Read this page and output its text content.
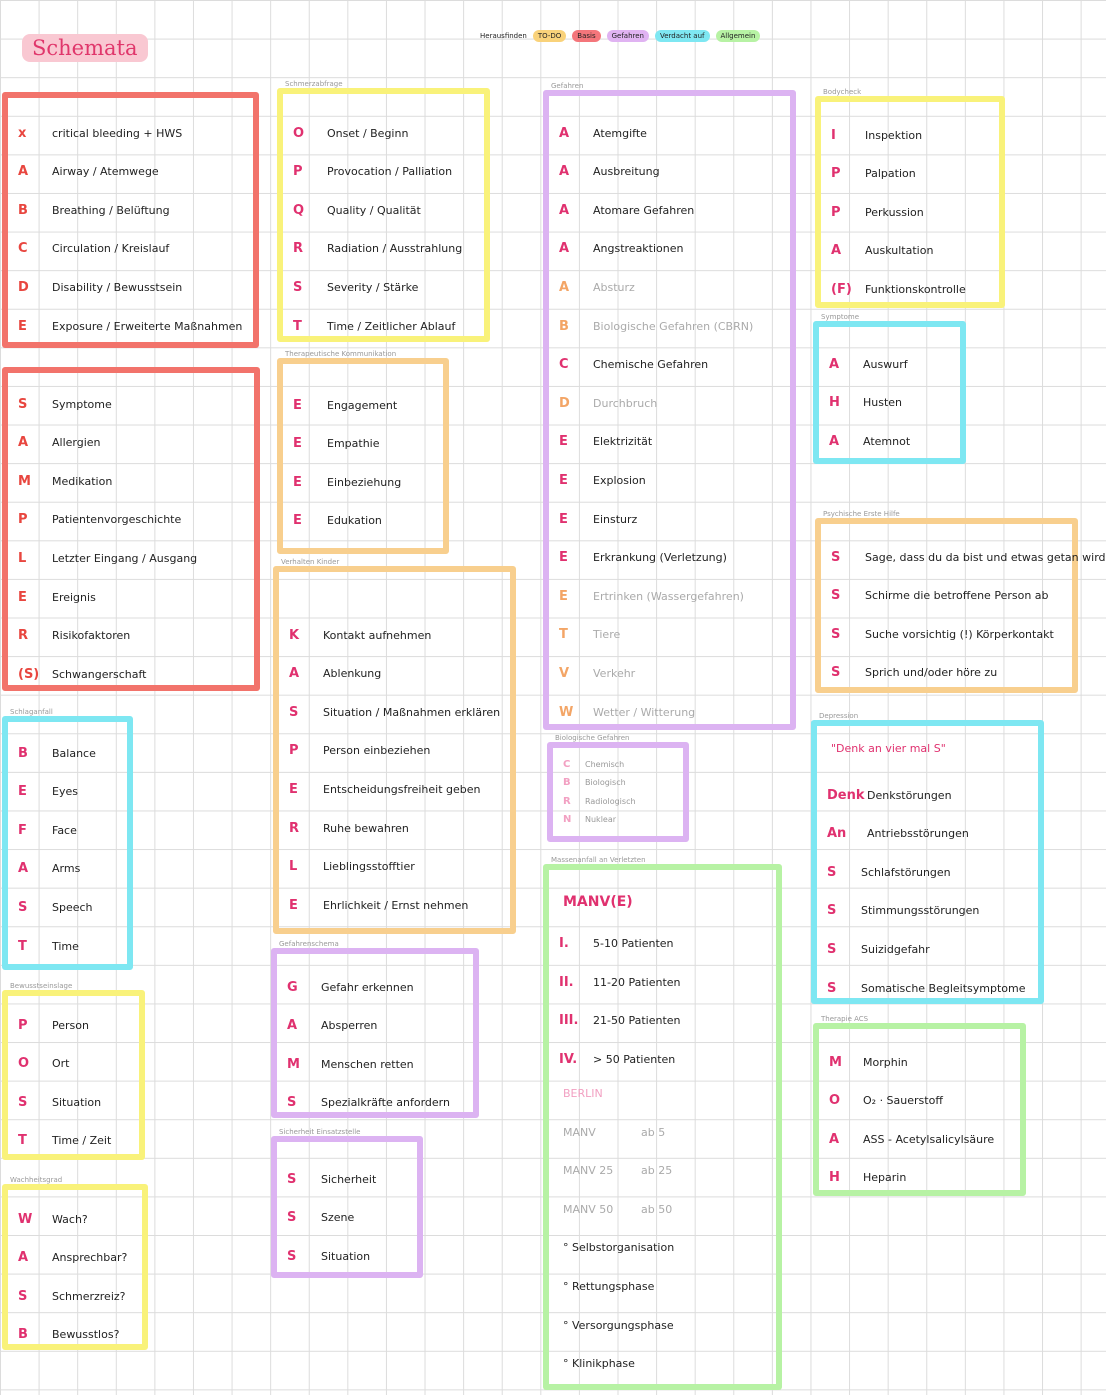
Schemata	Herausfinden	TO-DO	Basis	Gefahren	Verdacht auf	Allgemein
x	critical bleeding + HWS
A	Airway / Atemwege
B	Breathing / Belüftung
C	Circulation / Kreislauf
D	Disability / Bewusstsein
E	Exposure / Erweiterte Maßnahmen
S	Symptome
A	Allergien
M	Medikation
P	Patientenvorgeschichte
L	Letzter Eingang / Ausgang
E	Ereignis
R	Risikofaktoren
(S)	Schwangerschaft
Schlaganfall
B	Balance
E	Eyes
F	Face
A	Arms
S	Speech
T	Time
Bewusstseinslage
P	Person
O	Ort
S	Situation
T	Time / Zeit
Wachheitsgrad
W	Wach?
A	Ansprechbar?
S	Schmerzreiz?
B	Bewusstlos?
Schmerzabfrage
O	Onset / Beginn
P	Provocation / Palliation
Q	Quality / Qualität
R	Radiation / Ausstrahlung
S	Severity / Stärke
T	Time / Zeitlicher Ablauf
Therapeutische Kommunikation
E	Engagement
E	Empathie
E	Einbeziehung
E	Edukation
Verhalten Kinder
K	Kontakt aufnehmen
A	Ablenkung
S	Situation / Maßnahmen erklären
P	Person einbeziehen
E	Entscheidungsfreiheit geben
R	Ruhe bewahren
L	Lieblingsstofftier
E	Ehrlichkeit / Ernst nehmen
Gefahrenschema
G	Gefahr erkennen
A	Absperren
M	Menschen retten
S	Spezialkräfte anfordern
Sicherheit Einsatzstelle
S	Sicherheit
S	Szene
S	Situation
Gefahren
A	Atemgifte
A	Ausbreitung
A	Atomare Gefahren
A	Angstreaktionen
A	Absturz
B	Biologische Gefahren (CBRN)
C	Chemische Gefahren
D	Durchbruch
E	Elektrizität
E	Explosion
E	Einsturz
E	Erkrankung (Verletzung)
E	Ertrinken (Wassergefahren)
T	Tiere
V	Verkehr
W	Wetter / Witterung
Biologische Gefahren
C	Chemisch
B	Biologisch
R	Radiologisch
N	Nuklear
Massenanfall an Verletzten
MANV(E)
I.	5-10 Patienten
II.	11-20 Patienten
III.	21-50 Patienten
IV.	> 50 Patienten
BERLIN
MANV	ab 5
MANV 25	ab 25
MANV 50	ab 50
° Selbstorganisation
° Rettungsphase
° Versorgungsphase
° Klinikphase
Bodycheck
I	Inspektion
P	Palpation
P	Perkussion
A	Auskultation
(F)	Funktionskontrolle
Symptome
A	Auswurf
H	Husten
A	Atemnot
Psychische Erste Hilfe
S	Sage, dass du da bist und etwas getan wird
S	Schirme die betroffene Person ab
S	Suche vorsichtig (!) Körperkontakt
S	Sprich und/oder höre zu
Depression
"Denk an vier mal S"
Denk Denkstörungen
An	Antriebsstörungen
S	Schlafstörungen
S	Stimmungsstörungen
S	Suizidgefahr
S	Somatische Begleitsymptome
Therapie ACS
M	Morphin
O	O₂ · Sauerstoff
A	ASS - Acetylsalicylsäure
H	Heparin
